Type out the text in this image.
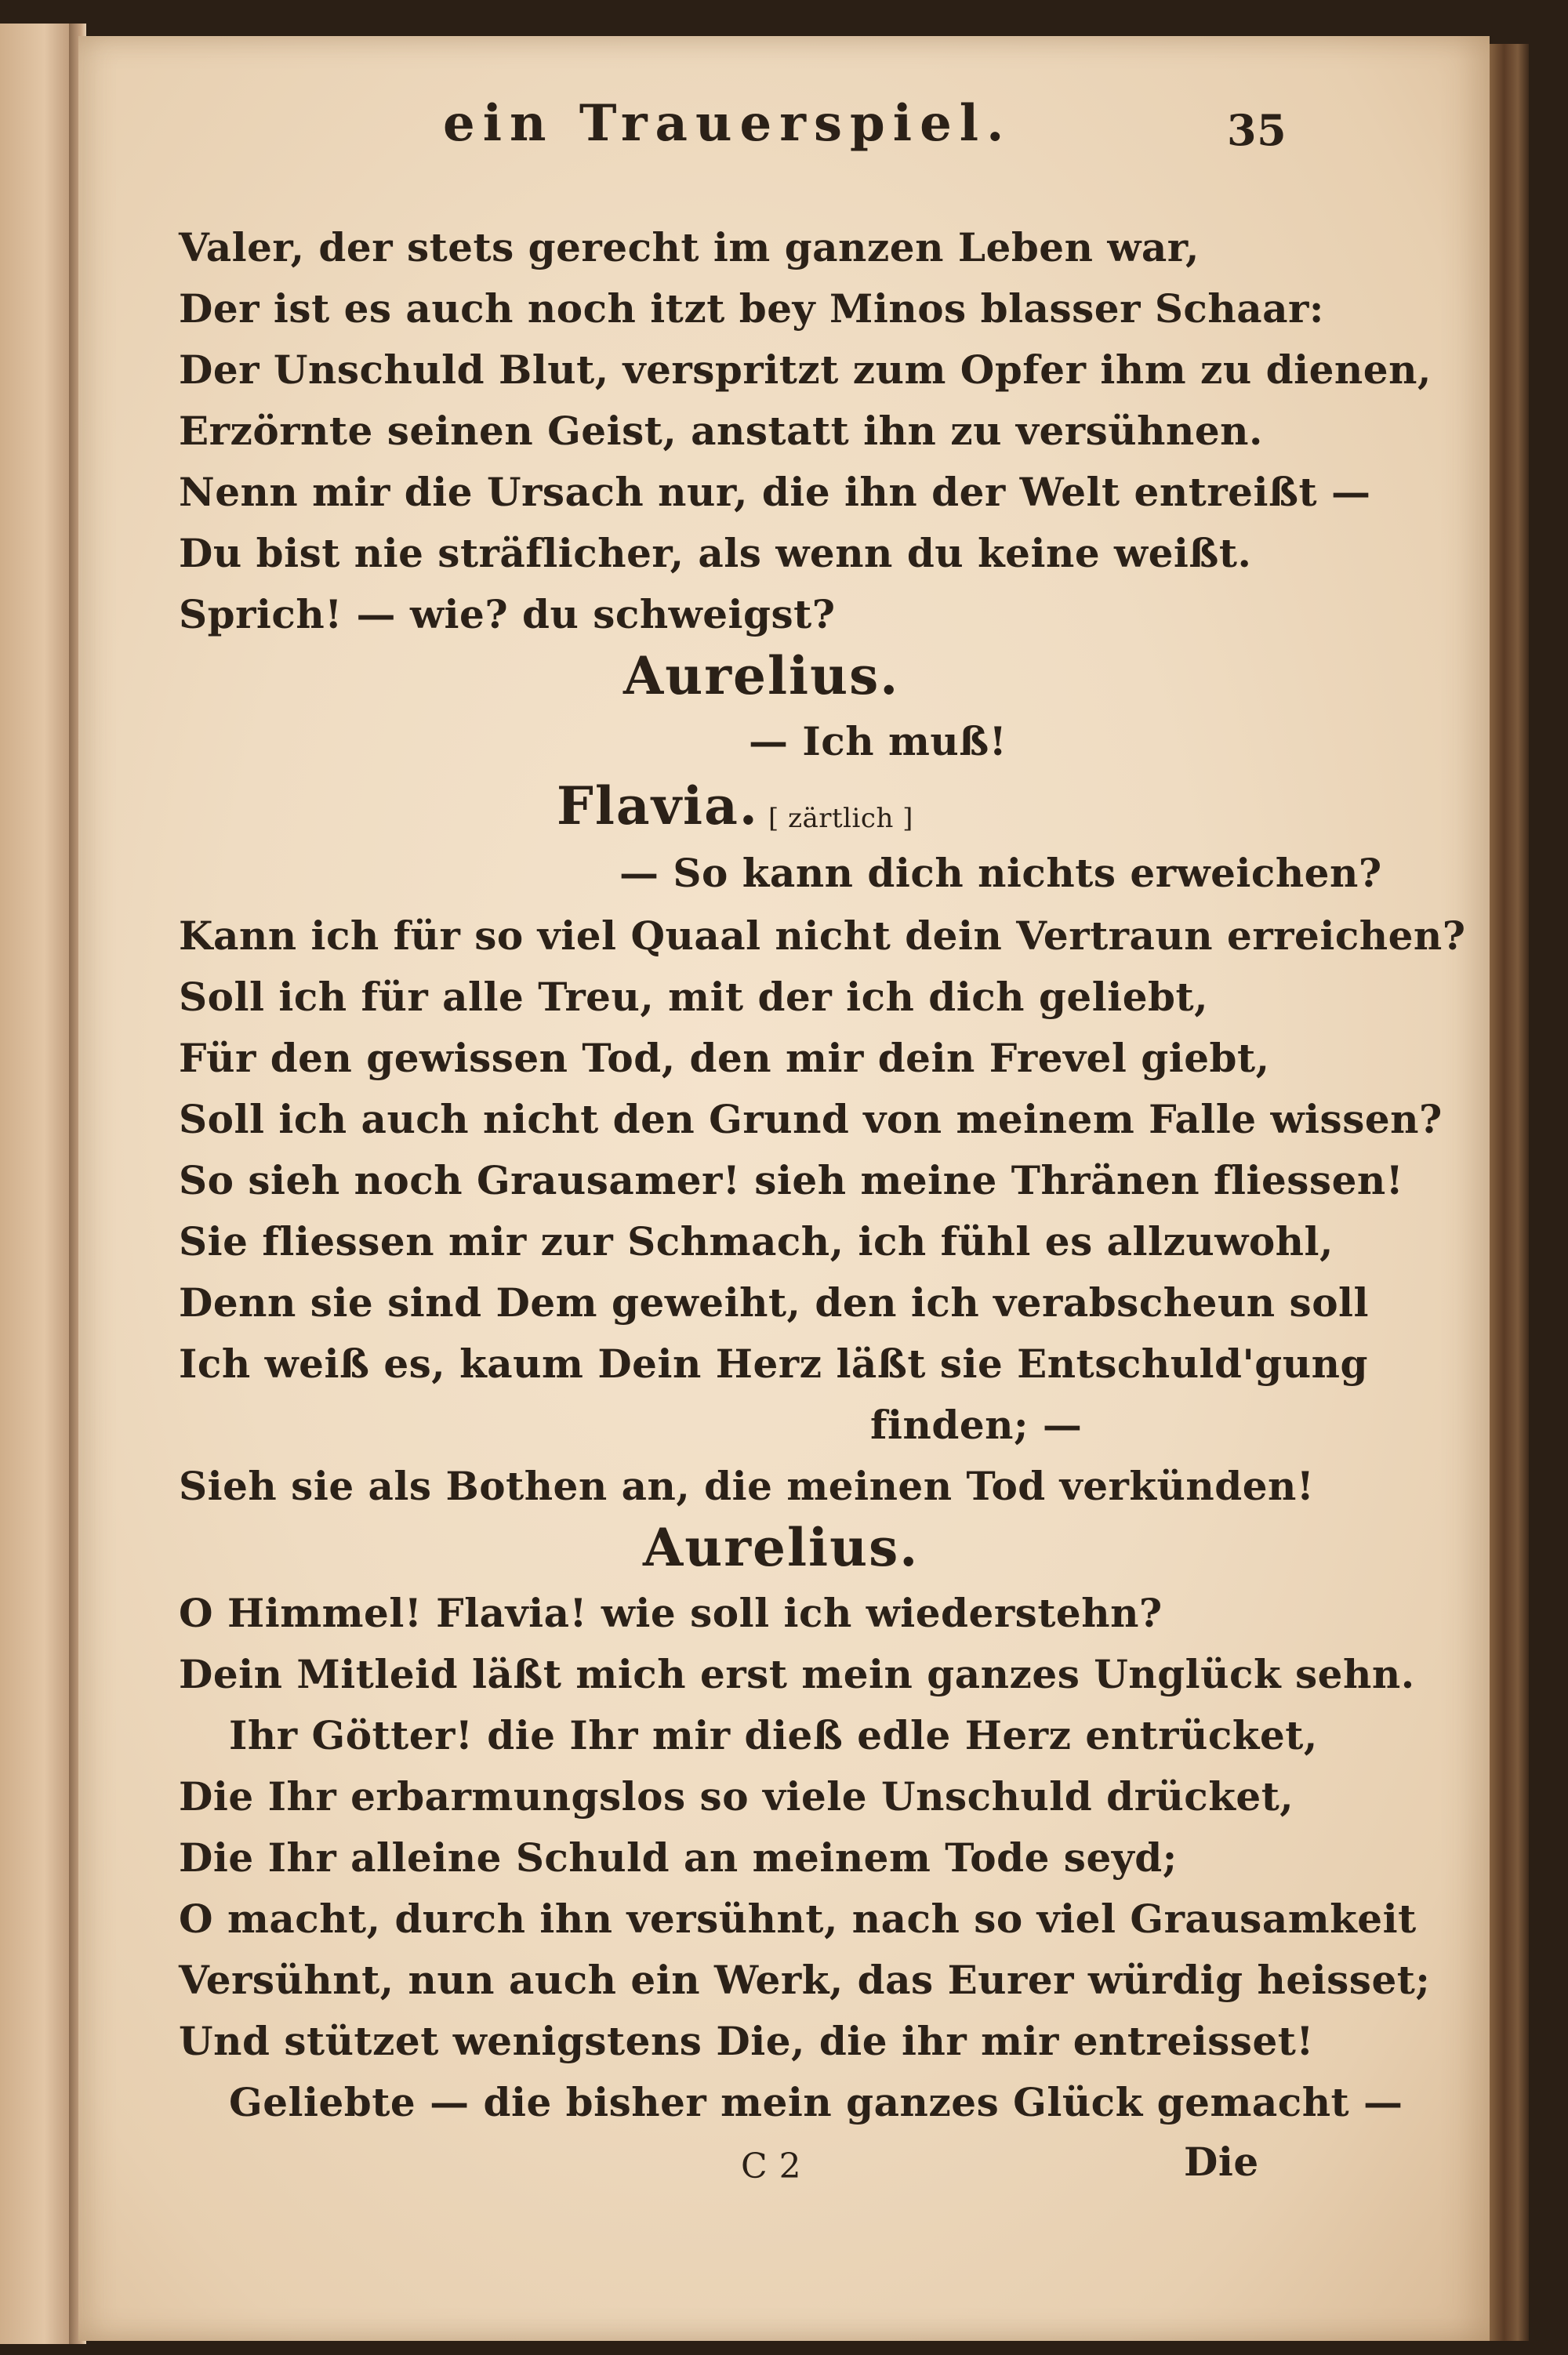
ein Trauerspiel.	35
Valer, der stets gerecht im ganzen Leben war,
Der ist es auch noch itzt bey Minos blasser Schaar:
Der Unschuld Blut, verspritzt zum Opfer ihm zu dienen,
Erzörnte seinen Geist, anstatt ihn zu versühnen.
Nenn mir die Ursach nur, die ihn der Welt entreißt —
Du bist nie sträflicher, als wenn du keine weißt.
Sprich! — wie? du schweigst?
Aurelius.
— Ich muß!
Flavia. [ zärtlich ]
— So kann dich nichts erweichen?
Kann ich für so viel Quaal nicht dein Vertraun erreichen?
Soll ich für alle Treu, mit der ich dich geliebt,
Für den gewissen Tod, den mir dein Frevel giebt,
Soll ich auch nicht den Grund von meinem Falle wissen?
So sieh noch Grausamer! sieh meine Thränen fliessen!
Sie fliessen mir zur Schmach, ich fühl es allzuwohl,
Denn sie sind Dem geweiht, den ich verabscheun soll
Ich weiß es, kaum Dein Herz läßt sie Entschuld'gung
finden; —
Sieh sie als Bothen an, die meinen Tod verkünden!
Aurelius.
O Himmel! Flavia! wie soll ich wiederstehn?
Dein Mitleid läßt mich erst mein ganzes Unglück sehn.
Ihr Götter! die Ihr mir dieß edle Herz entrücket,
Die Ihr erbarmungslos so viele Unschuld drücket,
Die Ihr alleine Schuld an meinem Tode seyd;
O macht, durch ihn versühnt, nach so viel Grausamkeit
Versühnt, nun auch ein Werk, das Eurer würdig heisset;
Und stützet wenigstens Die, die ihr mir entreisset!
Geliebte — die bisher mein ganzes Glück gemacht —
C 2	Die
